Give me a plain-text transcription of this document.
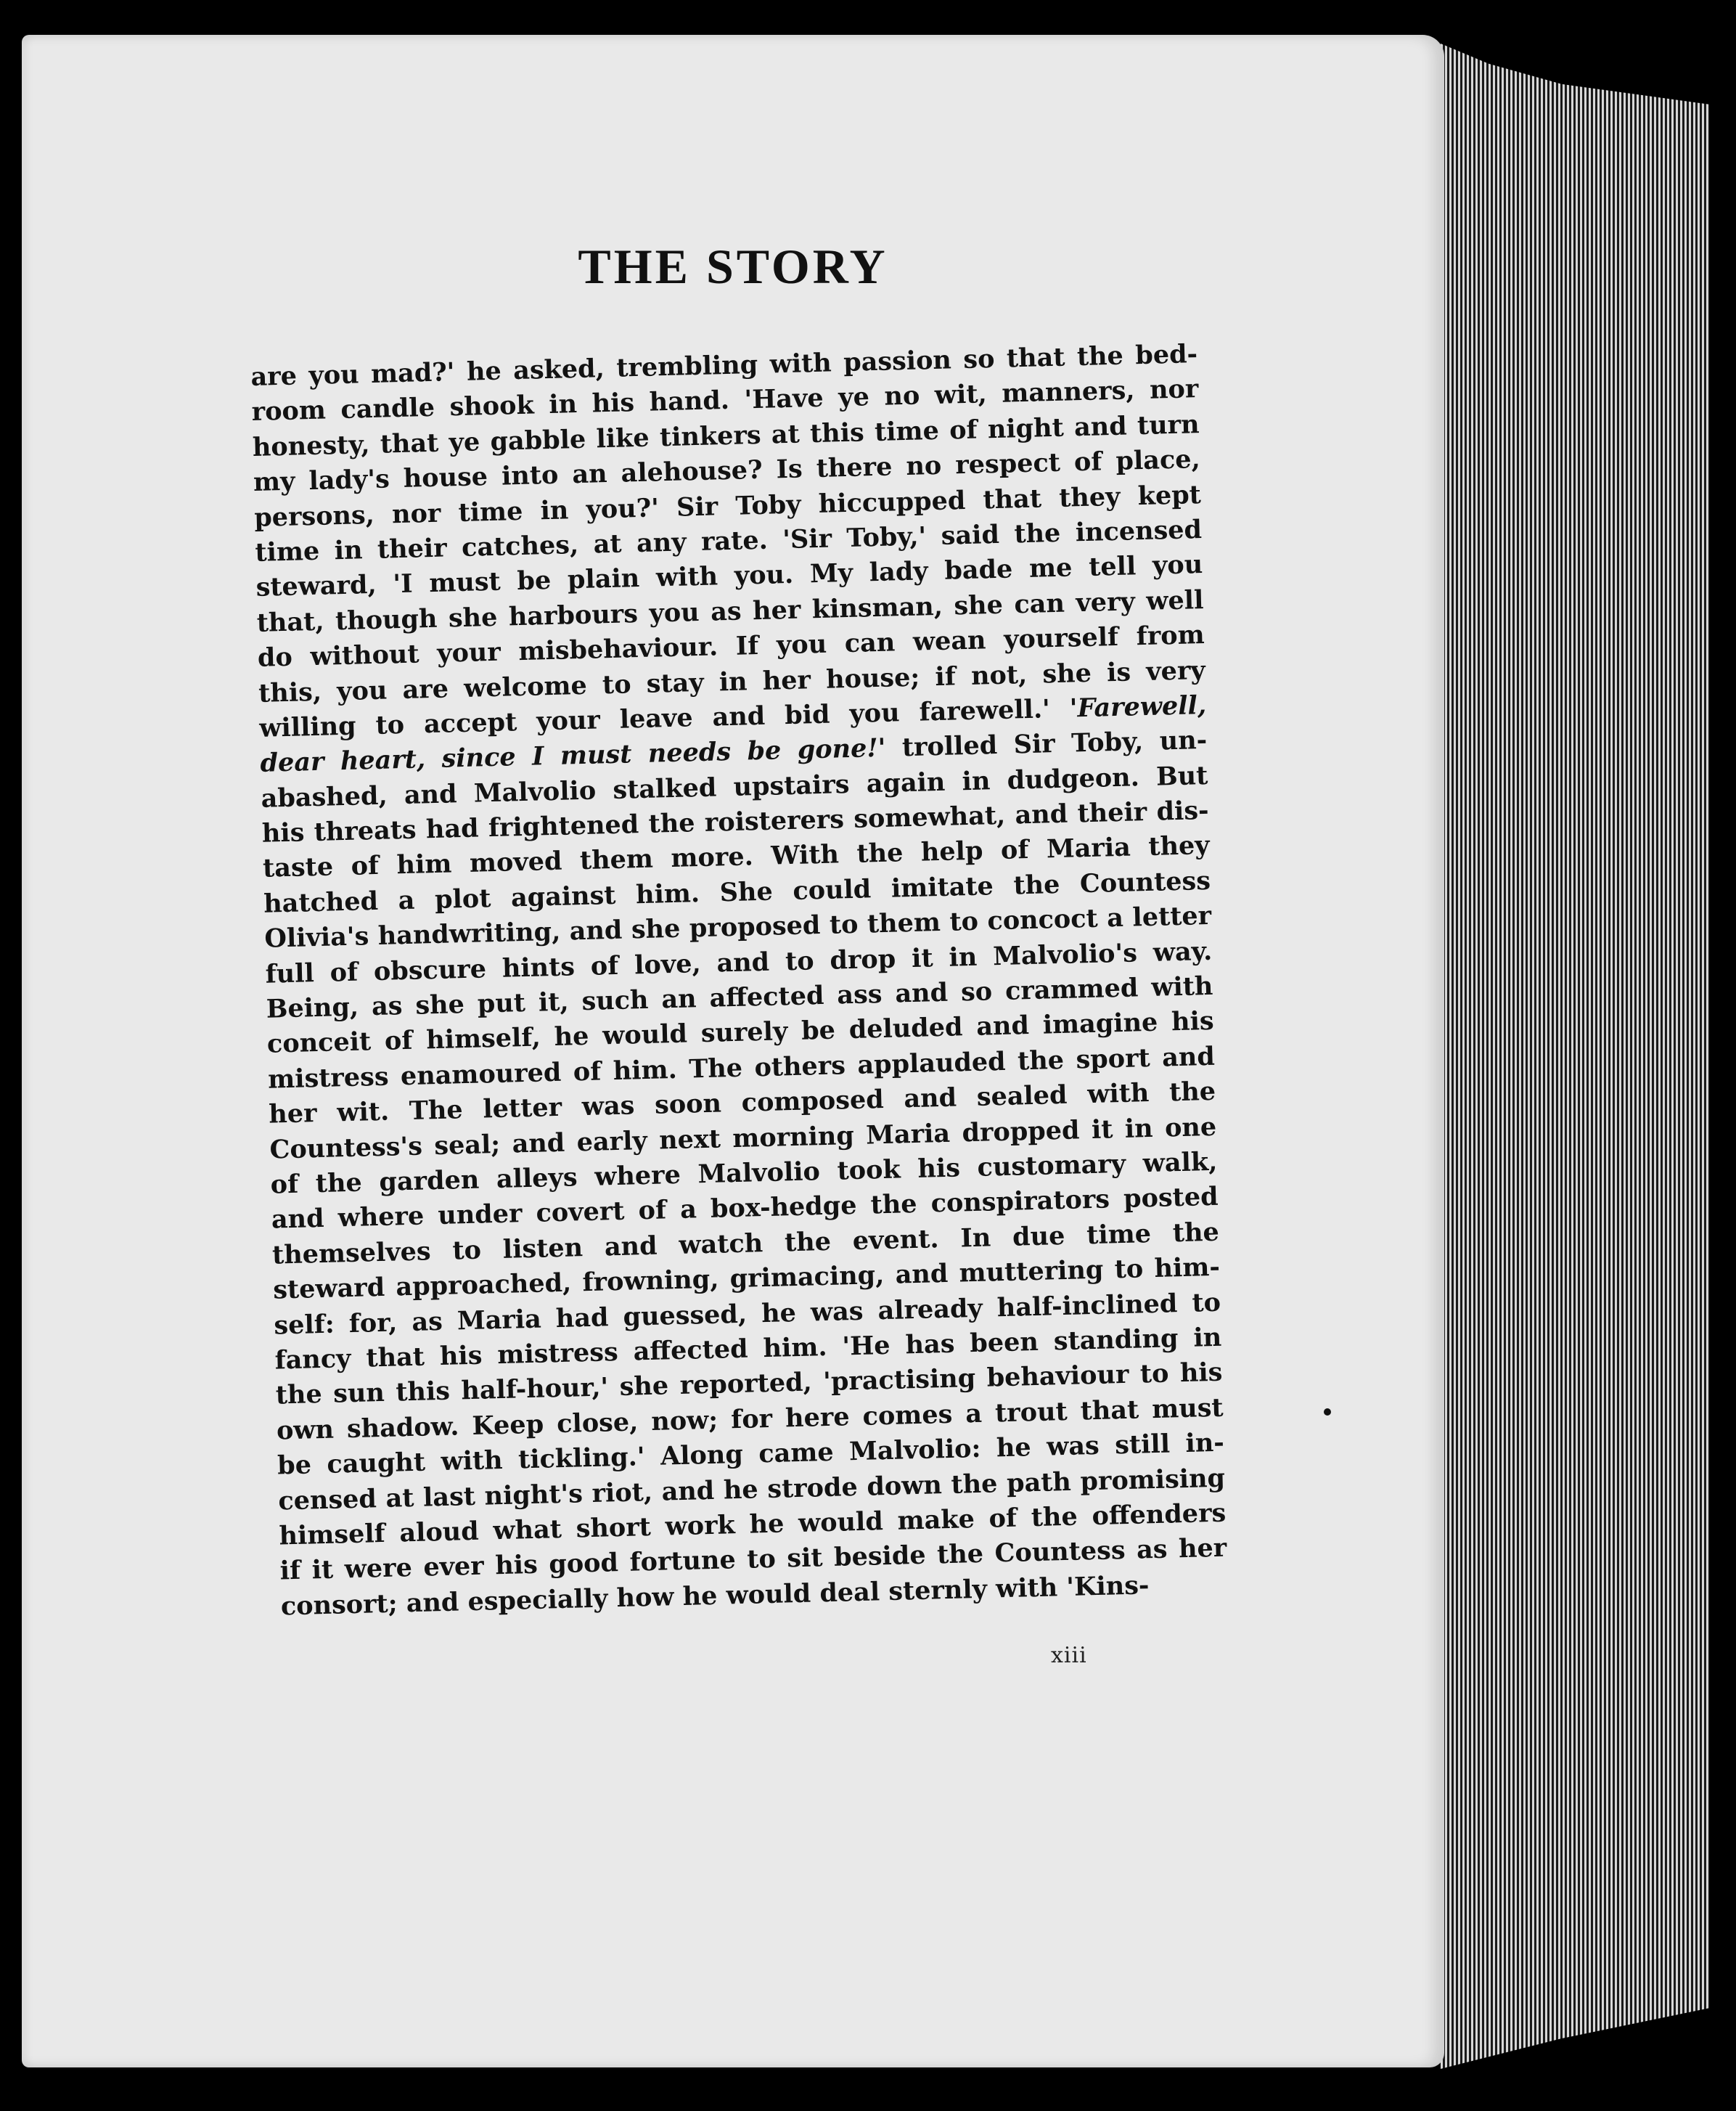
THE STORY
are you mad?' he asked, trembling with passion so that the bed-
room candle shook in his hand. 'Have ye no wit, manners, nor
honesty, that ye gabble like tinkers at this time of night and turn
my lady's house into an alehouse? Is there no respect of place,
persons, nor time in you?' Sir Toby hiccupped that they kept
time in their catches, at any rate. 'Sir Toby,' said the incensed
steward, 'I must be plain with you. My lady bade me tell you
that, though she harbours you as her kinsman, she can very well
do without your misbehaviour. If you can wean yourself from
this, you are welcome to stay in her house; if not, she is very
willing to accept your leave and bid you farewell.' 'Farewell,
dear heart, since I must needs be gone!' trolled Sir Toby, un-
abashed, and Malvolio stalked upstairs again in dudgeon. But
his threats had frightened the roisterers somewhat, and their dis-
taste of him moved them more. With the help of Maria they
hatched a plot against him. She could imitate the Countess
Olivia's handwriting, and she proposed to them to concoct a letter
full of obscure hints of love, and to drop it in Malvolio's way.
Being, as she put it, such an affected ass and so crammed with
conceit of himself, he would surely be deluded and imagine his
mistress enamoured of him. The others applauded the sport and
her wit. The letter was soon composed and sealed with the
Countess's seal; and early next morning Maria dropped it in one
of the garden alleys where Malvolio took his customary walk,
and where under covert of a box-hedge the conspirators posted
themselves to listen and watch the event. In due time the
steward approached, frowning, grimacing, and muttering to him-
self: for, as Maria had guessed, he was already half-inclined to
fancy that his mistress affected him. 'He has been standing in
the sun this half-hour,' she reported, 'practising behaviour to his
own shadow. Keep close, now; for here comes a trout that must
be caught with tickling.' Along came Malvolio: he was still in-
censed at last night's riot, and he strode down the path promising
himself aloud what short work he would make of the offenders
if it were ever his good fortune to sit beside the Countess as her
consort;
and
especially
how
he
would
deal
sternly
with
'Kins-
xiii
